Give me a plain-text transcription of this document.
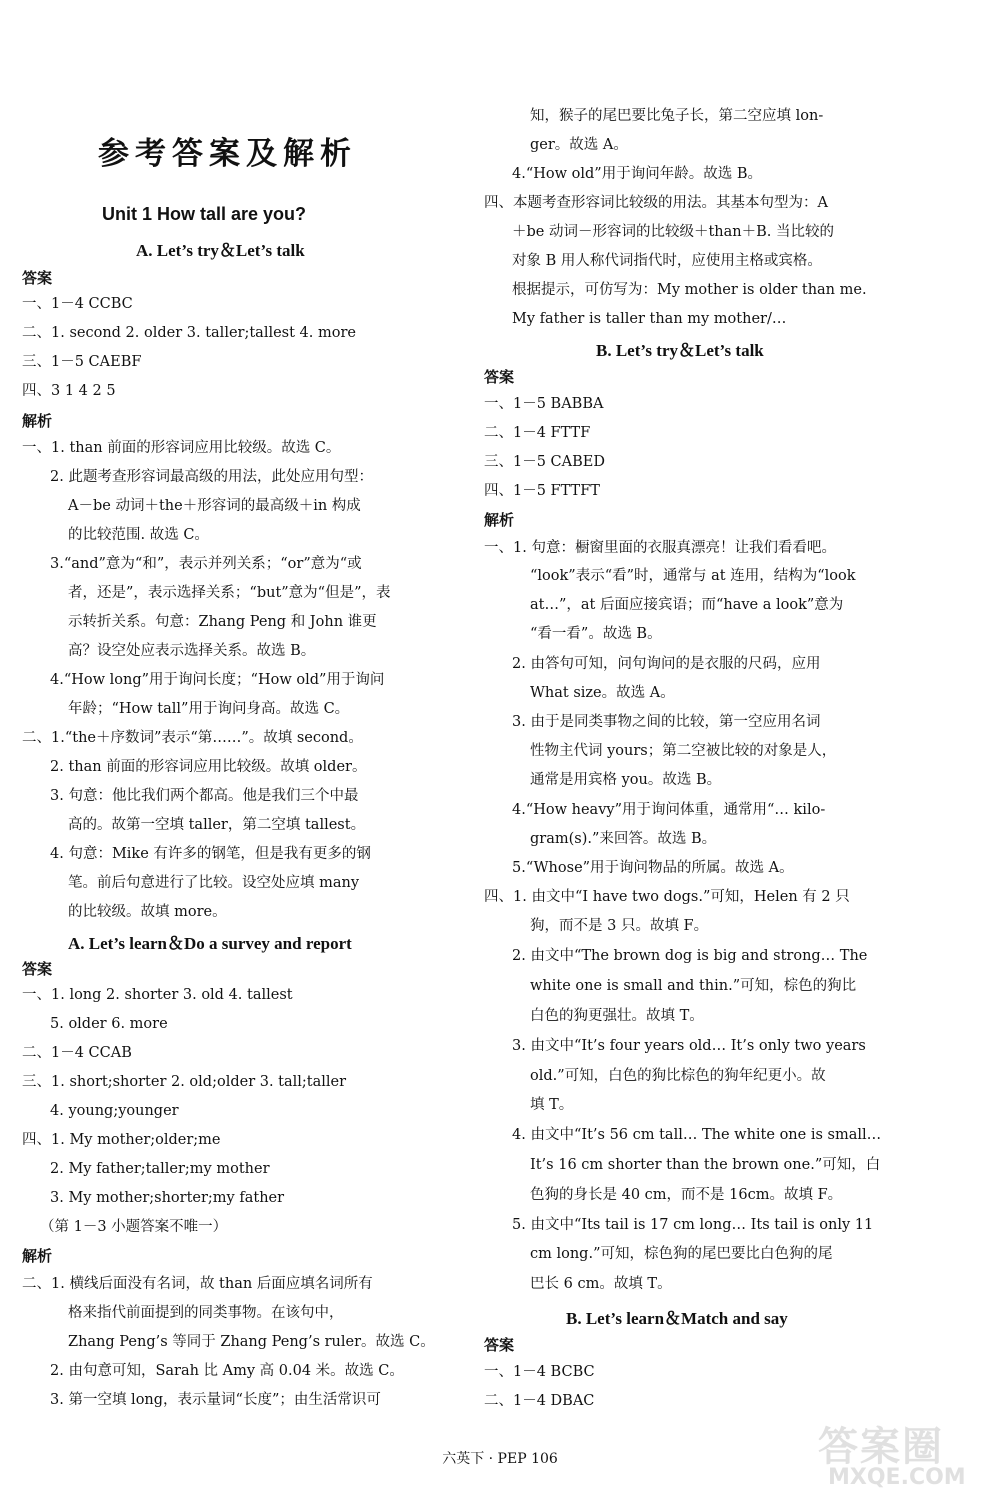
参考答案及解析
Unit 1 How tall are you?
A. Let’s try＆Let’s talk
答案
一、1－4 CCBC
二、1. second 2. older 3. taller;tallest 4. more
三、1－5 CAEBF
四、3 1 4 2 5
解析
一、1. than 前面的形容词应用比较级。故选 C。
2. 此题考查形容词最高级的用法，此处应用句型：
A－be 动词＋the＋形容词的最高级＋in 构成
的比较范围. 故选 C。
3.“and”意为“和”，表示并列关系；“or”意为“或
者，还是”，表示选择关系；“but”意为“但是”，表
示转折关系。句意：Zhang Peng 和 John 谁更
高？设空处应表示选择关系。故选 B。
4.“How long”用于询问长度；“How old”用于询问
年龄；“How tall”用于询问身高。故选 C。
二、1.“the＋序数词”表示“第……”。故填 second。
2. than 前面的形容词应用比较级。故填 older。
3. 句意：他比我们两个都高。他是我们三个中最
高的。故第一空填 taller，第二空填 tallest。
4. 句意：Mike 有许多的钢笔，但是我有更多的钢
笔。前后句意进行了比较。设空处应填 many
的比较级。故填 more。
A. Let’s learn＆Do a survey and report
答案
一、1. long 2. shorter 3. old 4. tallest
5. older 6. more
二、1－4 CCAB
三、1. short;shorter 2. old;older 3. tall;taller
4. young;younger
四、1. My mother;older;me
2. My father;taller;my mother
3. My mother;shorter;my father
（第 1－3 小题答案不唯一）
解析
二、1. 横线后面没有名词，故 than 后面应填名词所有
格来指代前面提到的同类事物。在该句中，
Zhang Peng’s 等同于 Zhang Peng’s ruler。故选 C。
2. 由句意可知，Sarah 比 Amy 高 0.04 米。故选 C。
3. 第一空填 long，表示量词“长度”；由生活常识可
知，猴子的尾巴要比兔子长，第二空应填 lon-
ger。故选 A。
4.“How old”用于询问年龄。故选 B。
四、本题考查形容词比较级的用法。其基本句型为：A
＋be 动词－形容词的比较级＋than＋B. 当比较的
对象 B 用人称代词指代时，应使用主格或宾格。
根据提示，可仿写为：My mother is older than me.
My father is taller than my mother/…
B. Let’s try＆Let’s talk
答案
一、1－5 BABBA
二、1－4 FTTF
三、1－5 CABED
四、1－5 FTTFT
解析
一、1. 句意：橱窗里面的衣服真漂亮！让我们看看吧。
“look”表示“看”时，通常与 at 连用，结构为“look
at…”，at 后面应接宾语；而“have a look”意为
“看一看”。故选 B。
2. 由答句可知，问句询问的是衣服的尺码，应用
What size。故选 A。
3. 由于是同类事物之间的比较，第一空应用名词
性物主代词 yours；第二空被比较的对象是人，
通常是用宾格 you。故选 B。
4.“How heavy”用于询问体重，通常用“… kilo-
gram(s).”来回答。故选 B。
5.“Whose”用于询问物品的所属。故选 A。
四、1. 由文中“I have two dogs.”可知，Helen 有 2 只
狗，而不是 3 只。故填 F。
2. 由文中“The brown dog is big and strong… The
white one is small and thin.”可知，棕色的狗比
白色的狗更强壮。故填 T。
3. 由文中“It’s four years old… It’s only two years
old.”可知，白色的狗比棕色的狗年纪更小。故
填 T。
4. 由文中“It’s 56 cm tall… The white one is small…
It’s 16 cm shorter than the brown one.”可知，白
色狗的身长是 40 cm，而不是 16cm。故填 F。
5. 由文中“Its tail is 17 cm long… Its tail is only 11
cm long.”可知，棕色狗的尾巴要比白色狗的尾
巴长 6 cm。故填 T。
B. Let’s learn＆Match and say
答案
一、1－4 BCBC
二、1－4 DBAC
六英下 · PEP 106	答案圈
MXQE.COM
